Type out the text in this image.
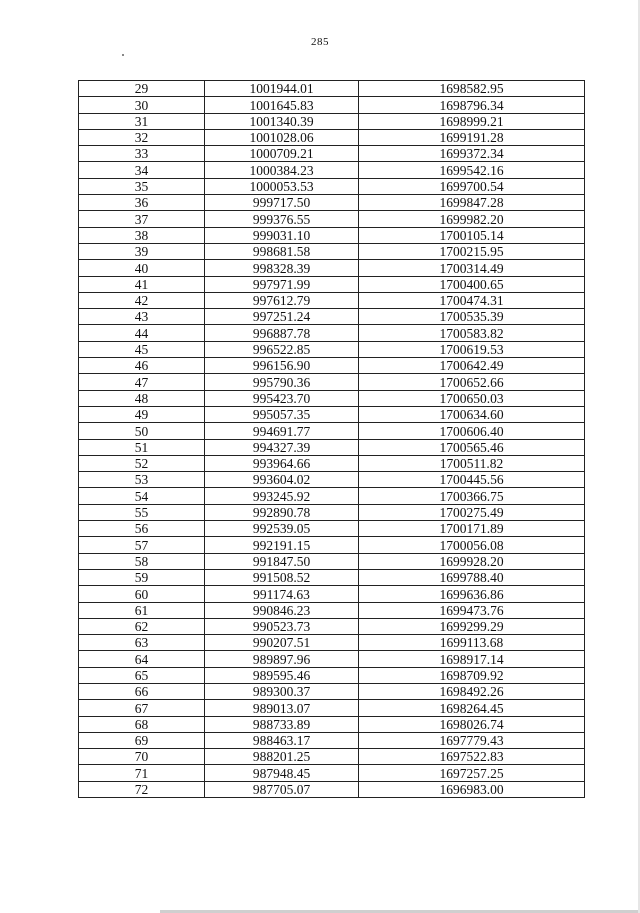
285
29	1001944.01	1698582.95
30	1001645.83	1698796.34
31	1001340.39	1698999.21
32	1001028.06	1699191.28
33	1000709.21	1699372.34
34	1000384.23	1699542.16
35	1000053.53	1699700.54
36	999717.50	1699847.28
37	999376.55	1699982.20
38	999031.10	1700105.14
39	998681.58	1700215.95
40	998328.39	1700314.49
41	997971.99	1700400.65
42	997612.79	1700474.31
43	997251.24	1700535.39
44	996887.78	1700583.82
45	996522.85	1700619.53
46	996156.90	1700642.49
47	995790.36	1700652.66
48	995423.70	1700650.03
49	995057.35	1700634.60
50	994691.77	1700606.40
51	994327.39	1700565.46
52	993964.66	1700511.82
53	993604.02	1700445.56
54	993245.92	1700366.75
55	992890.78	1700275.49
56	992539.05	1700171.89
57	992191.15	1700056.08
58	991847.50	1699928.20
59	991508.52	1699788.40
60	991174.63	1699636.86
61	990846.23	1699473.76
62	990523.73	1699299.29
63	990207.51	1699113.68
64	989897.96	1698917.14
65	989595.46	1698709.92
66	989300.37	1698492.26
67	989013.07	1698264.45
68	988733.89	1698026.74
69	988463.17	1697779.43
70	988201.25	1697522.83
71	987948.45	1697257.25
72	987705.07	1696983.00
